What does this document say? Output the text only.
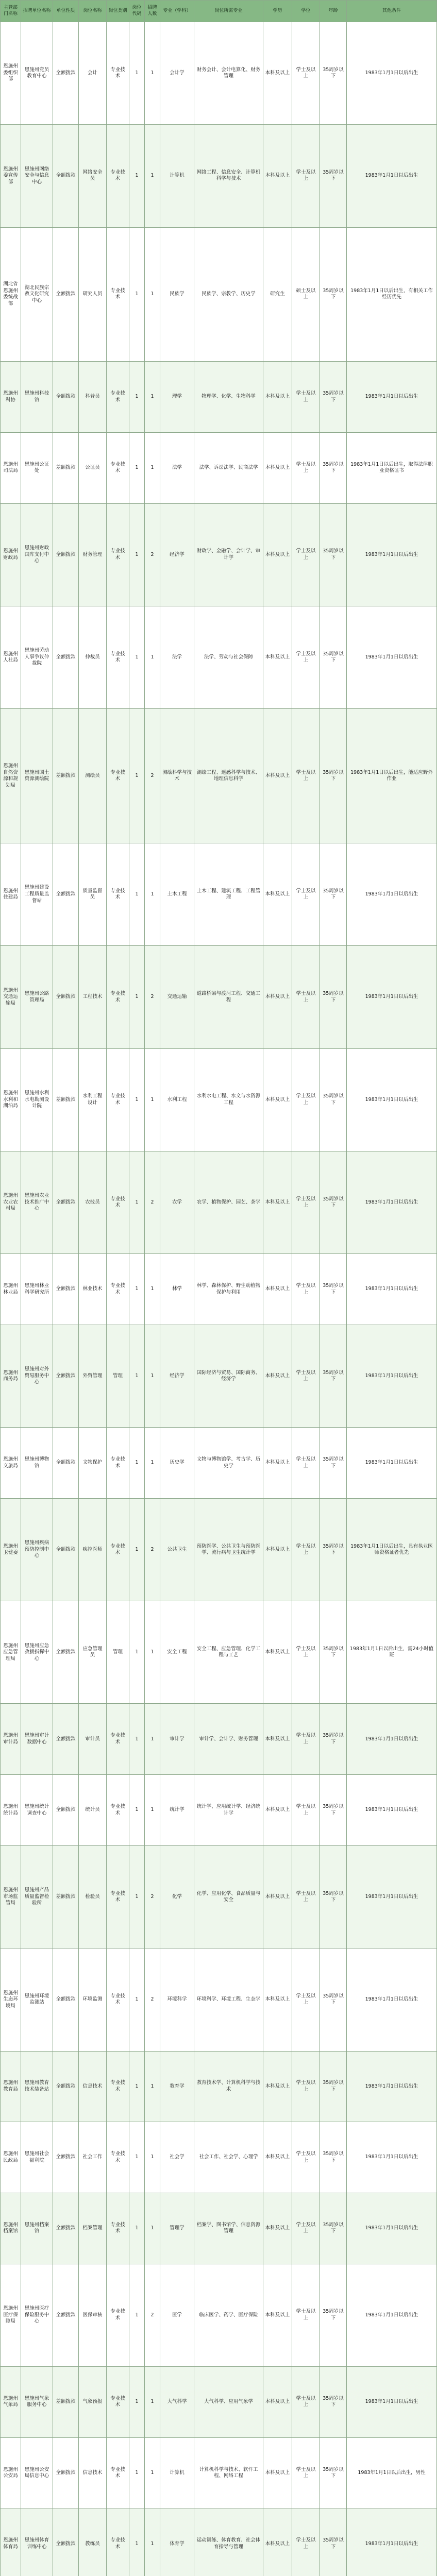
主管部门名称	招聘单位名称	单位性质	岗位名称	岗位类别	岗位代码	招聘人数	专业（学科）	岗位所需专业	学历	学位	年龄	其他条件
恩施州委组织部	恩施州党员教育中心	全额拨款	会计	专业技术	1	1	会计学	财务会计、会计电算化、财务管理	本科及以上	学士及以上	35周岁以下	1983年1月1日以后出生
恩施州委宣传部	恩施州网络安全与信息中心	全额拨款	网络安全员	专业技术	1	1	计算机	网络工程、信息安全、计算机科学与技术	本科及以上	学士及以上	35周岁以下	1983年1月1日以后出生
湖北省恩施州委统战部	湖北民族宗教文化研究中心	全额拨款	研究人员	专业技术	1	1	民族学	民族学、宗教学、历史学	研究生	硕士及以上	35周岁以下	1983年1月1日以后出生，有相关工作经历优先
恩施州科协	恩施州科技馆	全额拨款	科普员	专业技术	1	1	理学	物理学、化学、生物科学	本科及以上	学士及以上	35周岁以下	1983年1月1日以后出生
恩施州司法局	恩施州公证处	差额拨款	公证员	专业技术	1	1	法学	法学、诉讼法学、民商法学	本科及以上	学士及以上	35周岁以下	1983年1月1日以后出生，取得法律职业资格证书
恩施州财政局	恩施州财政国库支付中心	全额拨款	财务管理	专业技术	1	2	经济学	财政学、金融学、会计学、审计学	本科及以上	学士及以上	35周岁以下	1983年1月1日以后出生
恩施州人社局	恩施州劳动人事争议仲裁院	全额拨款	仲裁员	专业技术	1	1	法学	法学、劳动与社会保障	本科及以上	学士及以上	35周岁以下	1983年1月1日以后出生
恩施州自然资源和规划局	恩施州国土资源测绘院	差额拨款	测绘员	专业技术	1	2	测绘科学与技术	测绘工程、遥感科学与技术、地理信息科学	本科及以上	学士及以上	35周岁以下	1983年1月1日以后出生，能适应野外作业
恩施州住建局	恩施州建设工程质量监督站	全额拨款	质量监督员	专业技术	1	1	土木工程	土木工程、建筑工程、工程管理	本科及以上	学士及以上	35周岁以下	1983年1月1日以后出生
恩施州交通运输局	恩施州公路管理局	全额拨款	工程技术	专业技术	1	2	交通运输	道路桥梁与渡河工程、交通工程	本科及以上	学士及以上	35周岁以下	1983年1月1日以后出生
恩施州水利和湖泊局	恩施州水利水电勘测设计院	差额拨款	水利工程设计	专业技术	1	1	水利工程	水利水电工程、水文与水资源工程	本科及以上	学士及以上	35周岁以下	1983年1月1日以后出生
恩施州农业农村局	恩施州农业技术推广中心	全额拨款	农技员	专业技术	1	2	农学	农学、植物保护、园艺、茶学	本科及以上	学士及以上	35周岁以下	1983年1月1日以后出生
恩施州林业局	恩施州林业科学研究所	全额拨款	林业技术	专业技术	1	1	林学	林学、森林保护、野生动植物保护与利用	本科及以上	学士及以上	35周岁以下	1983年1月1日以后出生
恩施州商务局	恩施州对外贸易服务中心	全额拨款	外贸管理	管理	1	1	经济学	国际经济与贸易、国际商务、经济学	本科及以上	学士及以上	35周岁以下	1983年1月1日以后出生
恩施州文旅局	恩施州博物馆	全额拨款	文物保护	专业技术	1	1	历史学	文物与博物馆学、考古学、历史学	本科及以上	学士及以上	35周岁以下	1983年1月1日以后出生
恩施州卫健委	恩施州疾病预防控制中心	全额拨款	疾控医师	专业技术	1	2	公共卫生	预防医学、公共卫生与预防医学、流行病与卫生统计学	本科及以上	学士及以上	35周岁以下	1983年1月1日以后出生，具有执业医师资格证者优先
恩施州应急管理局	恩施州应急救援指挥中心	全额拨款	应急管理员	管理	1	1	安全工程	安全工程、应急管理、化学工程与工艺	本科及以上	学士及以上	35周岁以下	1983年1月1日以后出生，需24小时值班
恩施州审计局	恩施州审计数据中心	全额拨款	审计员	专业技术	1	1	审计学	审计学、会计学、财务管理	本科及以上	学士及以上	35周岁以下	1983年1月1日以后出生
恩施州统计局	恩施州统计调查中心	全额拨款	统计员	专业技术	1	1	统计学	统计学、应用统计学、经济统计学	本科及以上	学士及以上	35周岁以下	1983年1月1日以后出生
恩施州市场监管局	恩施州产品质量监督检验所	差额拨款	检验员	专业技术	1	2	化学	化学、应用化学、食品质量与安全	本科及以上	学士及以上	35周岁以下	1983年1月1日以后出生
恩施州生态环境局	恩施州环境监测站	全额拨款	环境监测	专业技术	1	2	环境科学	环境科学、环境工程、生态学	本科及以上	学士及以上	35周岁以下	1983年1月1日以后出生
恩施州教育局	恩施州教育技术装备站	全额拨款	信息技术	专业技术	1	1	教育学	教育技术学、计算机科学与技术	本科及以上	学士及以上	35周岁以下	1983年1月1日以后出生
恩施州民政局	恩施州社会福利院	全额拨款	社会工作	专业技术	1	1	社会学	社会工作、社会学、心理学	本科及以上	学士及以上	35周岁以下	1983年1月1日以后出生
恩施州档案馆	恩施州档案馆	全额拨款	档案管理	专业技术	1	1	管理学	档案学、图书馆学、信息资源管理	本科及以上	学士及以上	35周岁以下	1983年1月1日以后出生
恩施州医疗保障局	恩施州医疗保险服务中心	全额拨款	医保审核	专业技术	1	2	医学	临床医学、药学、医疗保险	本科及以上	学士及以上	35周岁以下	1983年1月1日以后出生
恩施州气象局	恩施州气象服务中心	差额拨款	气象预报	专业技术	1	1	大气科学	大气科学、应用气象学	本科及以上	学士及以上	35周岁以下	1983年1月1日以后出生
恩施州公安局	恩施州公安局信息中心	全额拨款	信息技术	专业技术	1	1	计算机	计算机科学与技术、软件工程、网络工程	本科及以上	学士及以上	35周岁以下	1983年1月1日以后出生，男性
恩施州体育局	恩施州体育训练中心	全额拨款	教练员	专业技术	1	1	体育学	运动训练、体育教育、社会体育指导与管理	本科及以上	学士及以上	35周岁以下	1983年1月1日以后出生
